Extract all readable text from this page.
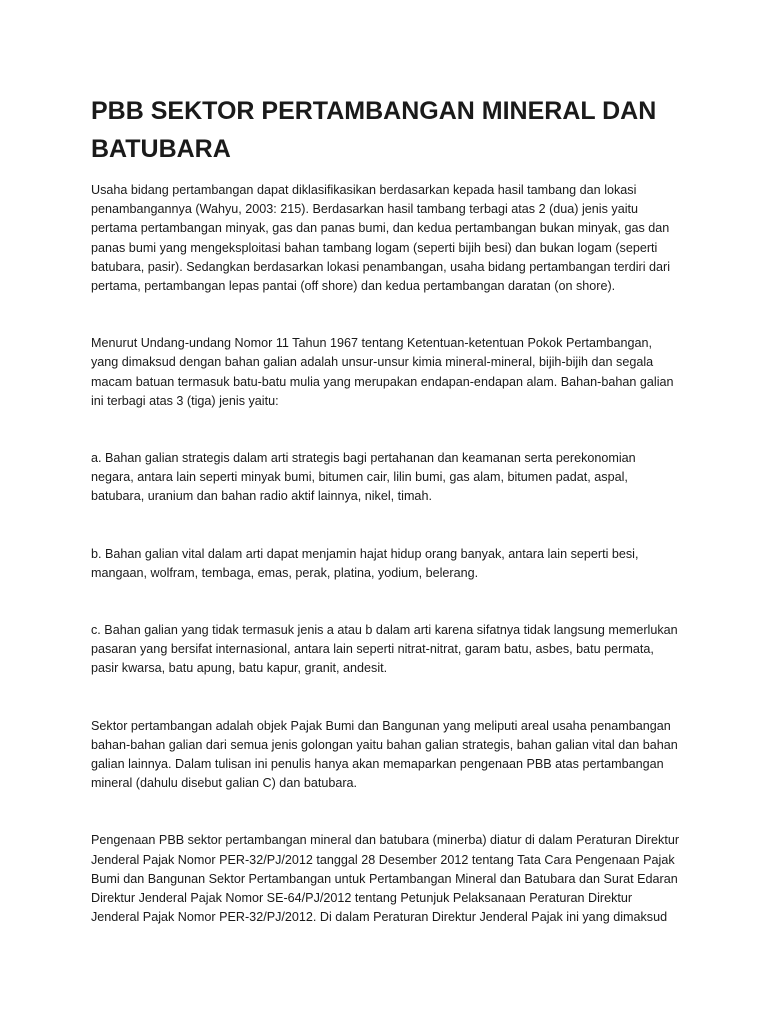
PBB SEKTOR PERTAMBANGAN MINERAL DAN BATUBARA

Usaha bidang pertambangan dapat diklasifikasikan berdasarkan kepada hasil tambang dan lokasi penambangannya (Wahyu, 2003: 215). Berdasarkan hasil tambang terbagi atas 2 (dua) jenis yaitu pertama pertambangan minyak, gas dan panas bumi, dan kedua pertambangan bukan minyak, gas dan panas bumi yang mengeksploitasi bahan tambang logam (seperti bijih besi) dan bukan logam (seperti batubara, pasir). Sedangkan berdasarkan lokasi penambangan, usaha bidang pertambangan terdiri dari pertama, pertambangan lepas pantai (off shore) dan kedua pertambangan daratan (on shore).

Menurut Undang-undang Nomor 11 Tahun 1967 tentang Ketentuan-ketentuan Pokok Pertambangan, yang dimaksud dengan bahan galian adalah unsur-unsur kimia mineral-mineral, bijih-bijih dan segala macam batuan termasuk batu-batu mulia yang merupakan endapan-endapan alam. Bahan-bahan galian ini terbagi atas 3 (tiga) jenis yaitu:

a. Bahan galian strategis dalam arti strategis bagi pertahanan dan keamanan serta perekonomian negara, antara lain seperti minyak bumi, bitumen cair, lilin bumi, gas alam, bitumen padat, aspal, batubara, uranium dan bahan radio aktif lainnya, nikel, timah.

b. Bahan galian vital dalam arti dapat menjamin hajat hidup orang banyak, antara lain seperti besi, mangaan, wolfram, tembaga, emas, perak, platina, yodium, belerang.

c. Bahan galian yang tidak termasuk jenis a atau b dalam arti karena sifatnya tidak langsung memerlukan pasaran yang bersifat internasional, antara lain seperti nitrat-nitrat, garam batu, asbes, batu permata, pasir kwarsa, batu apung, batu kapur, granit, andesit.

Sektor pertambangan adalah objek Pajak Bumi dan Bangunan yang meliputi areal usaha penambangan bahan-bahan galian dari semua jenis golongan yaitu bahan galian strategis, bahan galian vital dan bahan galian lainnya. Dalam tulisan ini penulis hanya akan memaparkan pengenaan PBB atas pertambangan mineral (dahulu disebut galian C) dan batubara.

Pengenaan PBB sektor pertambangan mineral dan batubara (minerba) diatur di dalam Peraturan Direktur Jenderal Pajak Nomor PER-32/PJ/2012 tanggal 28 Desember 2012 tentang Tata Cara Pengenaan Pajak Bumi dan Bangunan Sektor Pertambangan untuk Pertambangan Mineral dan Batubara dan Surat Edaran Direktur Jenderal Pajak Nomor SE-64/PJ/2012 tentang Petunjuk Pelaksanaan Peraturan Direktur Jenderal Pajak Nomor PER-32/PJ/2012. Di dalam Peraturan Direktur Jenderal Pajak ini yang dimaksud
